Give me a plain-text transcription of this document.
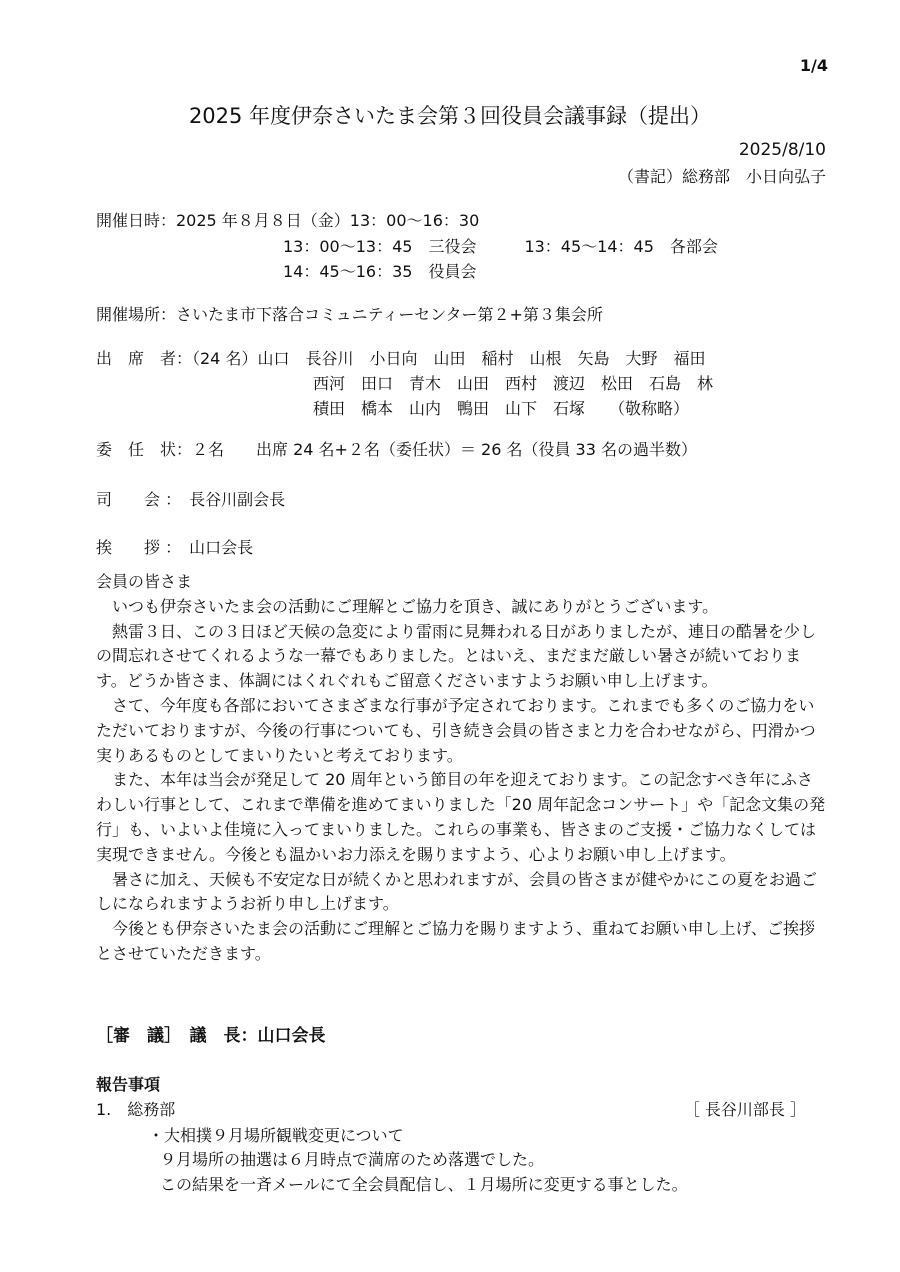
1/4
2025 年度伊奈さいたま会第３回役員会議事録（提出）
2025/8/10
（書記）総務部　小日向弘子
開催日時：2025 年８月８日（金）13：00～16：30
13：00～13：45　三役会　　　13：45～14：45　各部会
14：45～16：35　役員会
開催場所：さいたま市下落合コミュニティーセンター第２+第３集会所
出　席　者：（24 名）山口　長谷川　小日向　山田　稲村　山根　矢島　大野　福田
西河　田口　青木　山田　西村　渡辺　松田　石島　林
積田　橋本　山内　鴨田　山下　石塚　　（敬称略）
委　任　状：２名　　出席 24 名+２名（委任状）＝ 26 名（役員 33 名の過半数）
司　　会 ：　長谷川副会長
挨　　拶 ：　山口会長

会員の皆さま

いつも伊奈さいたま会の活動にご理解とご協力を頂き、誠にありがとうございます。

熱雷３日、この３日ほど天候の急変により雷雨に見舞われる日がありましたが、連日の酷暑を少しの間忘れさせてくれるような一幕でもありました。とはいえ、まだまだ厳しい暑さが続いております。どうか皆さま、体調にはくれぐれもご留意くださいますようお願い申し上げます。

さて、今年度も各部においてさまざまな行事が予定されております。これまでも多くのご協力をいただいておりますが、今後の行事についても、引き続き会員の皆さまと力を合わせながら、円滑かつ実りあるものとしてまいりたいと考えております。

また、本年は当会が発足して 20 周年という節目の年を迎えております。この記念すべき年にふさわしい行事として、これまで準備を進めてまいりました「20 周年記念コンサート」や「記念文集の発行」も、いよいよ佳境に入ってまいりました。これらの事業も、皆さまのご支援・ご協力なくしては実現できません。今後とも温かいお力添えを賜りますよう、心よりお願い申し上げます。

暑さに加え、天候も不安定な日が続くかと思われますが、会員の皆さまが健やかにこの夏をお過ごしになられますようお祈り申し上げます。

今後とも伊奈さいたま会の活動にご理解とご協力を賜りますよう、重ねてお願い申し上げ、ご挨拶とさせていただきます。

［審　議］　議　長：山口会長
報告事項
1.　総務部	［ 長谷川部長 ］
・大相撲９月場所観戦変更について
９月場所の抽選は６月時点で満席のため落選でした。
この結果を一斉メールにて全会員配信し、１月場所に変更する事とした。
